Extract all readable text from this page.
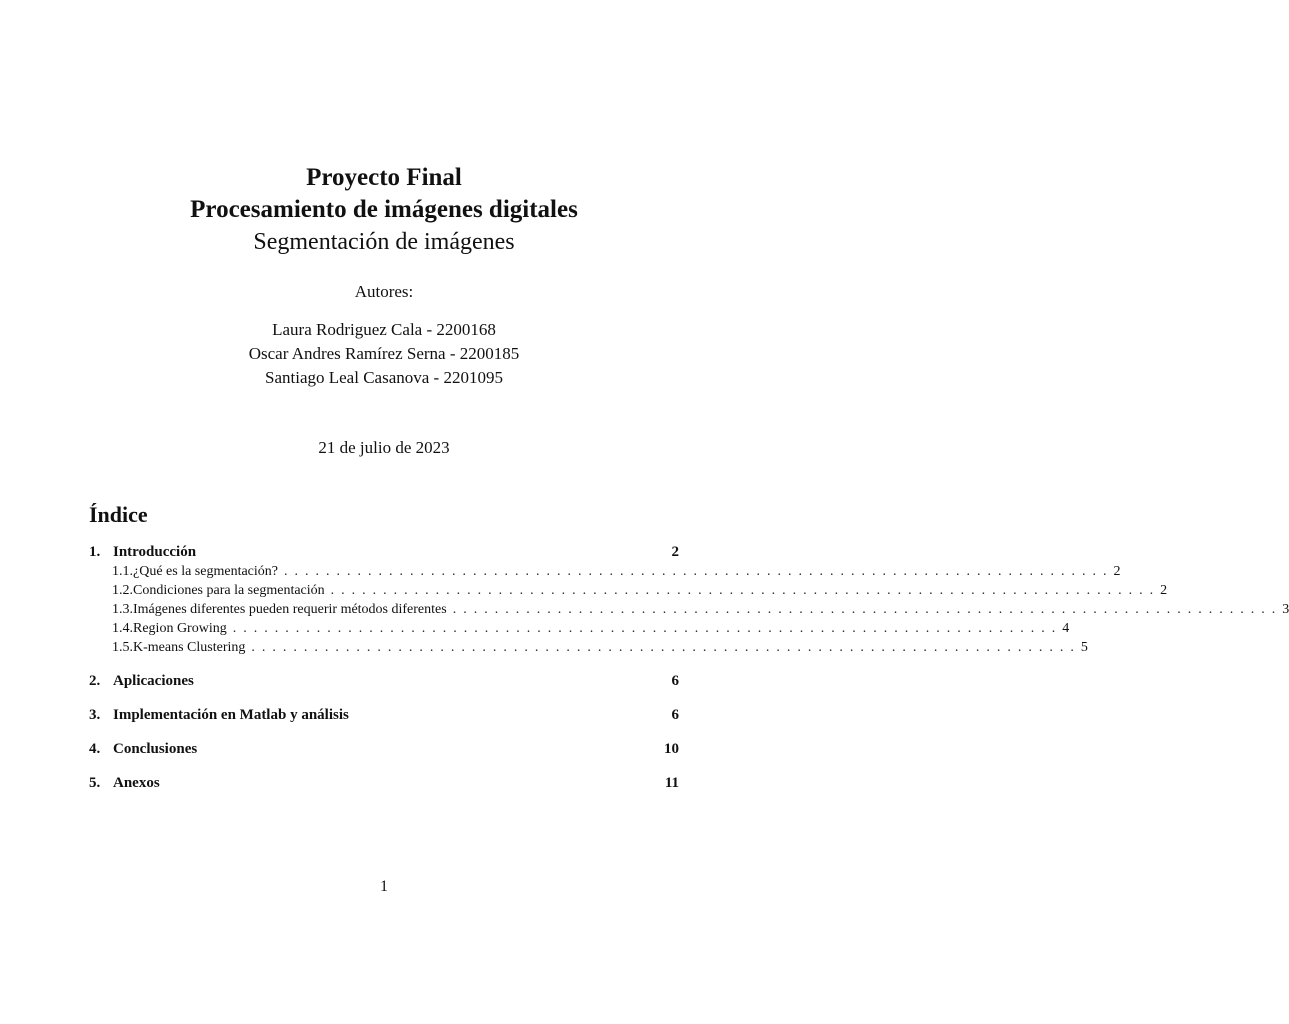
Proyecto Final
Procesamiento de imágenes digitales
Segmentación de imágenes
Autores:
Laura Rodriguez Cala - 2200168
Oscar Andres Ramírez Serna - 2200185
Santiago Leal Casanova - 2201095
21 de julio de 2023
Índice
1. Introducción	2
1.1. ¿Qué es la segmentación? ............................................................................... 2
1.2. Condiciones para la segmentación ............................................................................... 2
1.3. Imágenes diferentes pueden requerir métodos diferentes ............................................................................... 3
1.4. Region Growing ............................................................................... 4
1.5. K-means Clustering ............................................................................... 5
2. Aplicaciones	6
3. Implementación en Matlab y análisis	6
4. Conclusiones	10
5. Anexos	11
1
